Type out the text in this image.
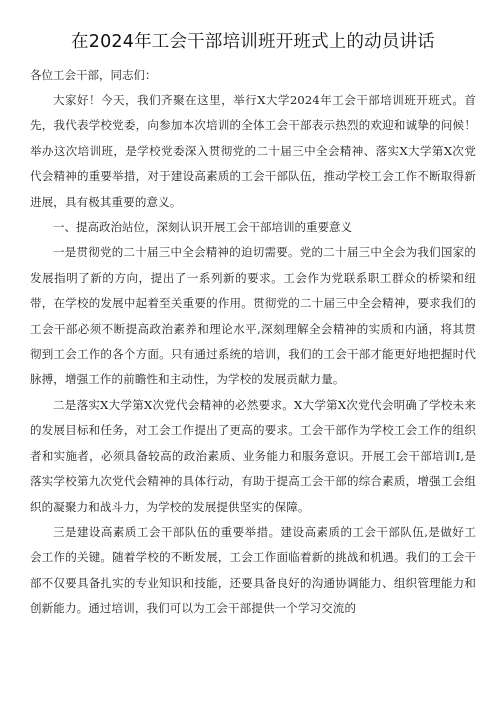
在2024年工会干部培训班开班式上的动员讲话

各位工会干部，同志们：

大家好！今天，我们齐聚在这里，举行X大学2024年工会干部培训班开班式。首先，我代表学校党委，向参加本次培训的全体工会干部表示热烈的欢迎和诚挚的问候！举办这次培训班，是学校党委深入贯彻党的二十届三中全会精神、落实X大学第X次党代会精神的重要举措，对于建设高素质的工会干部队伍，推动学校工会工作不断取得新进展，具有极其重要的意义。

一、提高政治站位，深刻认识开展工会干部培训的重要意义

一是贯彻党的二十届三中全会精神的迫切需要。党的二十届三中全会为我们国家的发展指明了新的方向，提出了一系列新的要求。工会作为党联系职工群众的桥梁和纽带，在学校的发展中起着至关重要的作用。贯彻党的二十届三中全会精神，要求我们的工会干部必须不断提高政治素养和理论水平,深刻理解全会精神的实质和内涵，将其贯彻到工会工作的各个方面。只有通过系统的培训，我们的工会干部才能更好地把握时代脉搏，增强工作的前瞻性和主动性，为学校的发展贡献力量。

二是落实X大学第X次党代会精神的必然要求。X大学第X次党代会明确了学校未来的发展目标和任务，对工会工作提出了更高的要求。工会干部作为学校工会工作的组织者和实施者，必须具备较高的政治素质、业务能力和服务意识。开展工会干部培训I,是落实学校第九次党代会精神的具体行动，有助于提高工会干部的综合素质，增强工会组织的凝聚力和战斗力，为学校的发展提供坚实的保障。

三是建设高素质工会干部队伍的重要举措。建设高素质的工会干部队伍,是做好工会工作的关键。随着学校的不断发展，工会工作面临着新的挑战和机遇。我们的工会干部不仅要具备扎实的专业知识和技能，还要具备良好的沟通协调能力、组织管理能力和创新能力。通过培训，我们可以为工会干部提供一个学习交流的
